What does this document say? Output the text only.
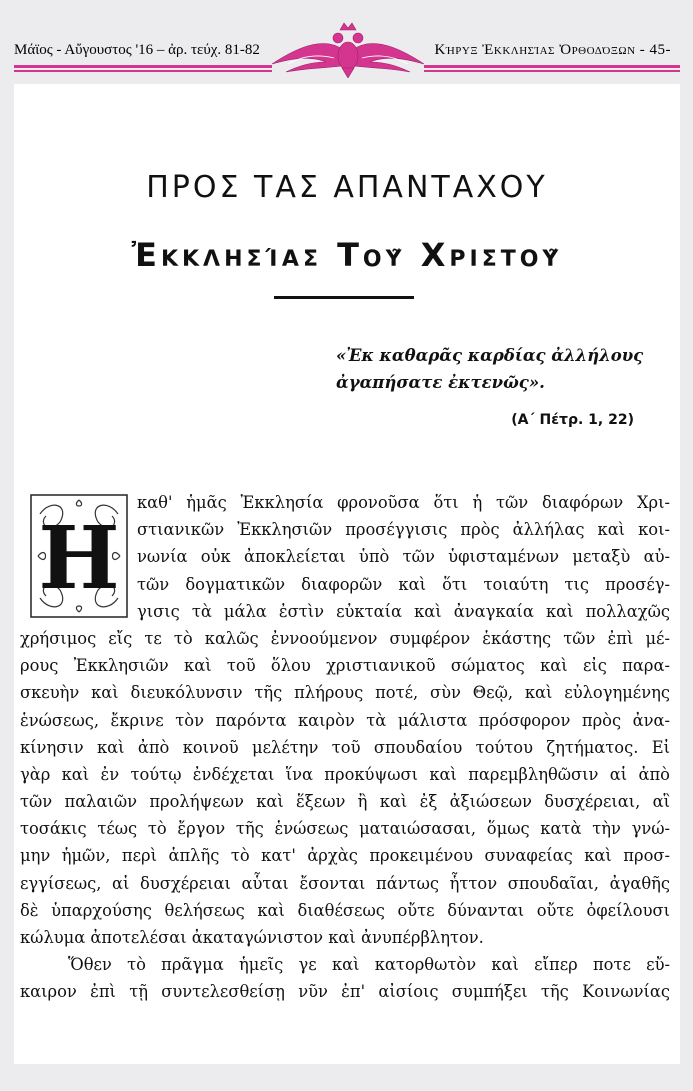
Μάϊος - Αὔγουστος '16 – ἀρ. τεύχ. 81-82	Κήρυξ Ἐκκλησίας Ὀρθοδόξων - 45-
ΠΡΟΣ ΤΑΣ ΑΠΑΝΤΑΧΟΥ
Ἐκκλησίας Τοῦ Χριστοῦ
«Ἐκ καθαρᾶς καρδίας ἀλλήλους
ἀγαπήσατε ἐκτενῶς».
(Α΄ Πέτρ. 1, 22)
Η
καθ' ἡμᾶς Ἐκκλησία φρονοῦσα ὅτι ἡ τῶν διαφόρων Χρι-
στιανικῶν Ἐκκλησιῶν προσέγγισις πρὸς ἀλλήλας καὶ κοι-
νωνία οὐκ ἀποκλείεται ὑπὸ τῶν ὑφισταμένων μεταξὺ αὐ-
τῶν δογματικῶν διαφορῶν καὶ ὅτι τοιαύτη τις προσέγ-
γισις τὰ μάλα ἐστὶν εὐκταία καὶ ἀναγκαία καὶ πολλαχῶς
χρήσιμος εἴς τε τὸ καλῶς ἐννοούμενον συμφέρον ἑκάστης τῶν ἐπὶ μέ-
ρους Ἐκκλησιῶν καὶ τοῦ ὅλου χριστιανικοῦ σώματος καὶ εἰς παρα-
σκευὴν καὶ διευκόλυνσιν τῆς πλήρους ποτέ, σὺν Θεῷ, καὶ εὐλογημένης
ἑνώσεως, ἔκρινε τὸν παρόντα καιρὸν τὰ μάλιστα πρόσφορον πρὸς ἀνα-
κίνησιν καὶ ἀπὸ κοινοῦ μελέτην τοῦ σπουδαίου τούτου ζητήματος. Εἰ
γὰρ καὶ ἐν τούτῳ ἐνδέχεται ἵνα προκύψωσι καὶ παρεμβληθῶσιν αἱ ἀπὸ
τῶν παλαιῶν προλήψεων καὶ ἕξεων ἢ καὶ ἐξ ἀξιώσεων δυσχέρειαι, αἳ
τοσάκις τέως τὸ ἔργον τῆς ἑνώσεως ματαιώσασαι, ὅμως κατὰ τὴν γνώ-
μην ἡμῶν, περὶ ἁπλῆς τὸ κατ' ἀρχὰς προκειμένου συναφείας καὶ προσ-
εγγίσεως, αἱ δυσχέρειαι αὗται ἔσονται πάντως ἧττον σπουδαῖαι, ἀγαθῆς
δὲ ὑπαρχούσης θελήσεως καὶ διαθέσεως οὔτε δύνανται οὔτε ὀφείλουσι
κώλυμα ἀποτελέσαι ἀκαταγώνιστον καὶ ἀνυπέρβλητον.
Ὅθεν τὸ πρᾶγμα ἡμεῖς γε καὶ κατορθωτὸν καὶ εἴπερ ποτε εὔ-
καιρον ἐπὶ τῇ συντελεσθείσῃ νῦν ἐπ' αἰσίοις συμπήξει τῆς Κοινωνίας
